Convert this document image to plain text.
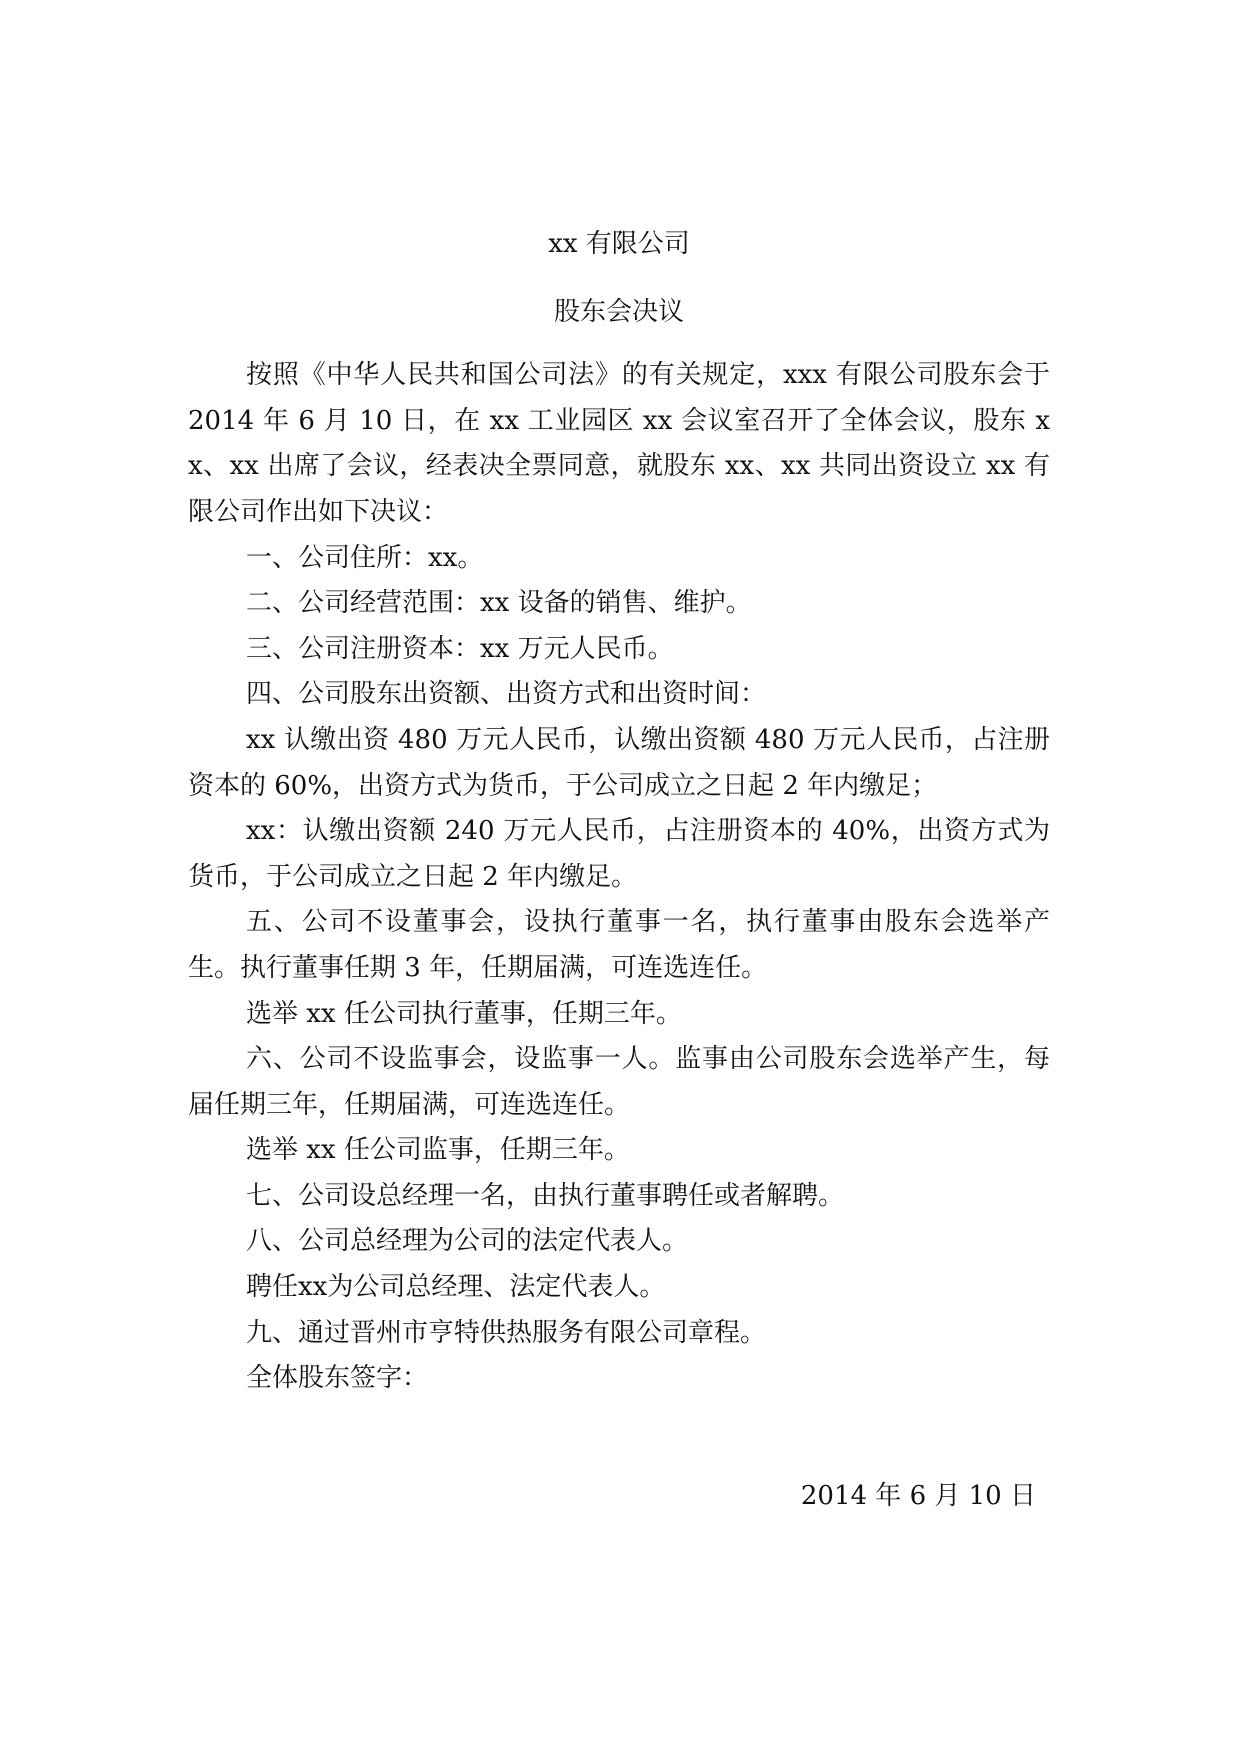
xx 有限公司
股东会决议

按照《中华人民共和国公司法》的有关规定，xxx 有限公司股东会于 2014 年 6 月 10 日，在 xx 工业园区 xx 会议室召开了全体会议，股东 xx、xx 出席了会议，经表决全票同意，就股东 xx、xx 共同出资设立 xx 有限公司作出如下决议：

一、公司住所：xx。

二、公司经营范围：xx 设备的销售、维护。

三、公司注册资本：xx 万元人民币。

四、公司股东出资额、出资方式和出资时间：

xx 认缴出资 480 万元人民币，认缴出资额 480 万元人民币，占注册资本的 60%，出资方式为货币，于公司成立之日起 2 年内缴足；

xx：认缴出资额 240 万元人民币，占注册资本的 40%，出资方式为货币，于公司成立之日起 2 年内缴足。

五、公司不设董事会，设执行董事一名，执行董事由股东会选举产生。执行董事任期 3 年，任期届满，可连选连任。

选举 xx 任公司执行董事，任期三年。

六、公司不设监事会，设监事一人。监事由公司股东会选举产生，每届任期三年，任期届满，可连选连任。

选举 xx 任公司监事，任期三年。

七、公司设总经理一名，由执行董事聘任或者解聘。

八、公司总经理为公司的法定代表人。

聘任xx为公司总经理、法定代表人。

九、通过晋州市亨特供热服务有限公司章程。

全体股东签字：

2014 年 6 月 10 日
